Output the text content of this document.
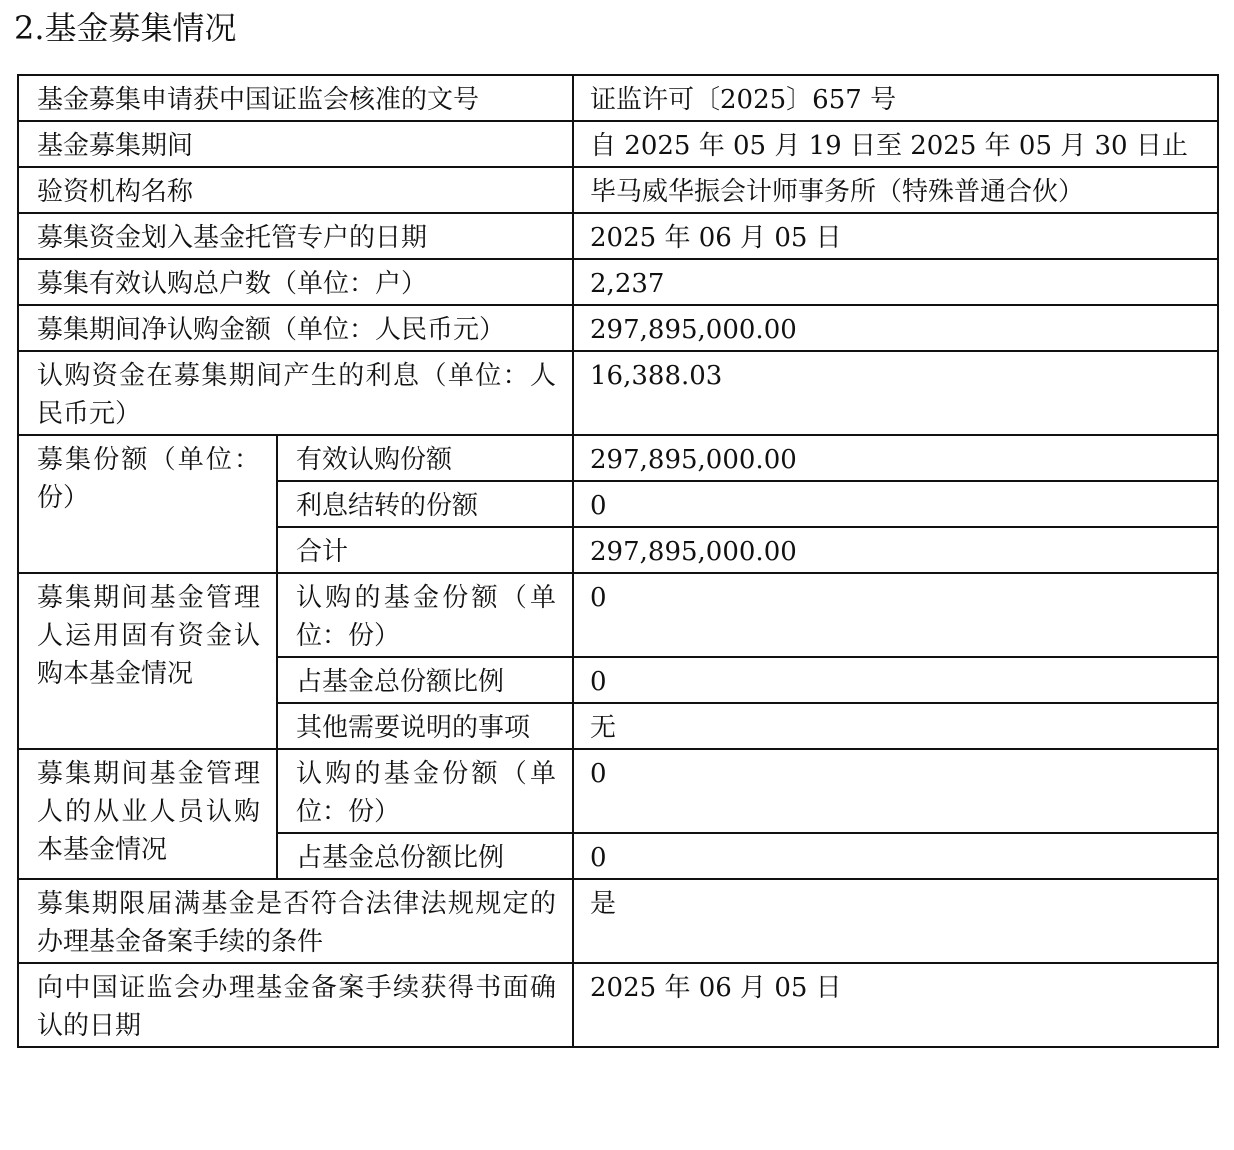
2.基金募集情况
基金募集申请获中国证监会核准的文号		证监许可〔2025〕657 号
基金募集期间		自 2025 年 05 月 19 日至 2025 年 05 月 30 日止
验资机构名称		毕马威华振会计师事务所（特殊普通合伙）
募集资金划入基金托管专户的日期		2025 年 06 月 05 日
募集有效认购总户数（单位：户）		2,237
募集期间净认购金额（单位：人民币元）		297,895,000.00
认购资金在募集期间产生的利息（单位：人民币元）		16,388.03
募集份额（单位：份）	有效认购份额	297,895,000.00
	利息结转的份额	0
	合计	297,895,000.00
募集期间基金管理人运用固有资金认购本基金情况	认购的基金份额（单位：份）	0
	占基金总份额比例	0
	其他需要说明的事项	无
募集期间基金管理人的从业人员认购本基金情况	认购的基金份额（单位：份）	0
	占基金总份额比例	0
募集期限届满基金是否符合法律法规规定的办理基金备案手续的条件		是
向中国证监会办理基金备案手续获得书面确认的日期		2025 年 06 月 05 日
